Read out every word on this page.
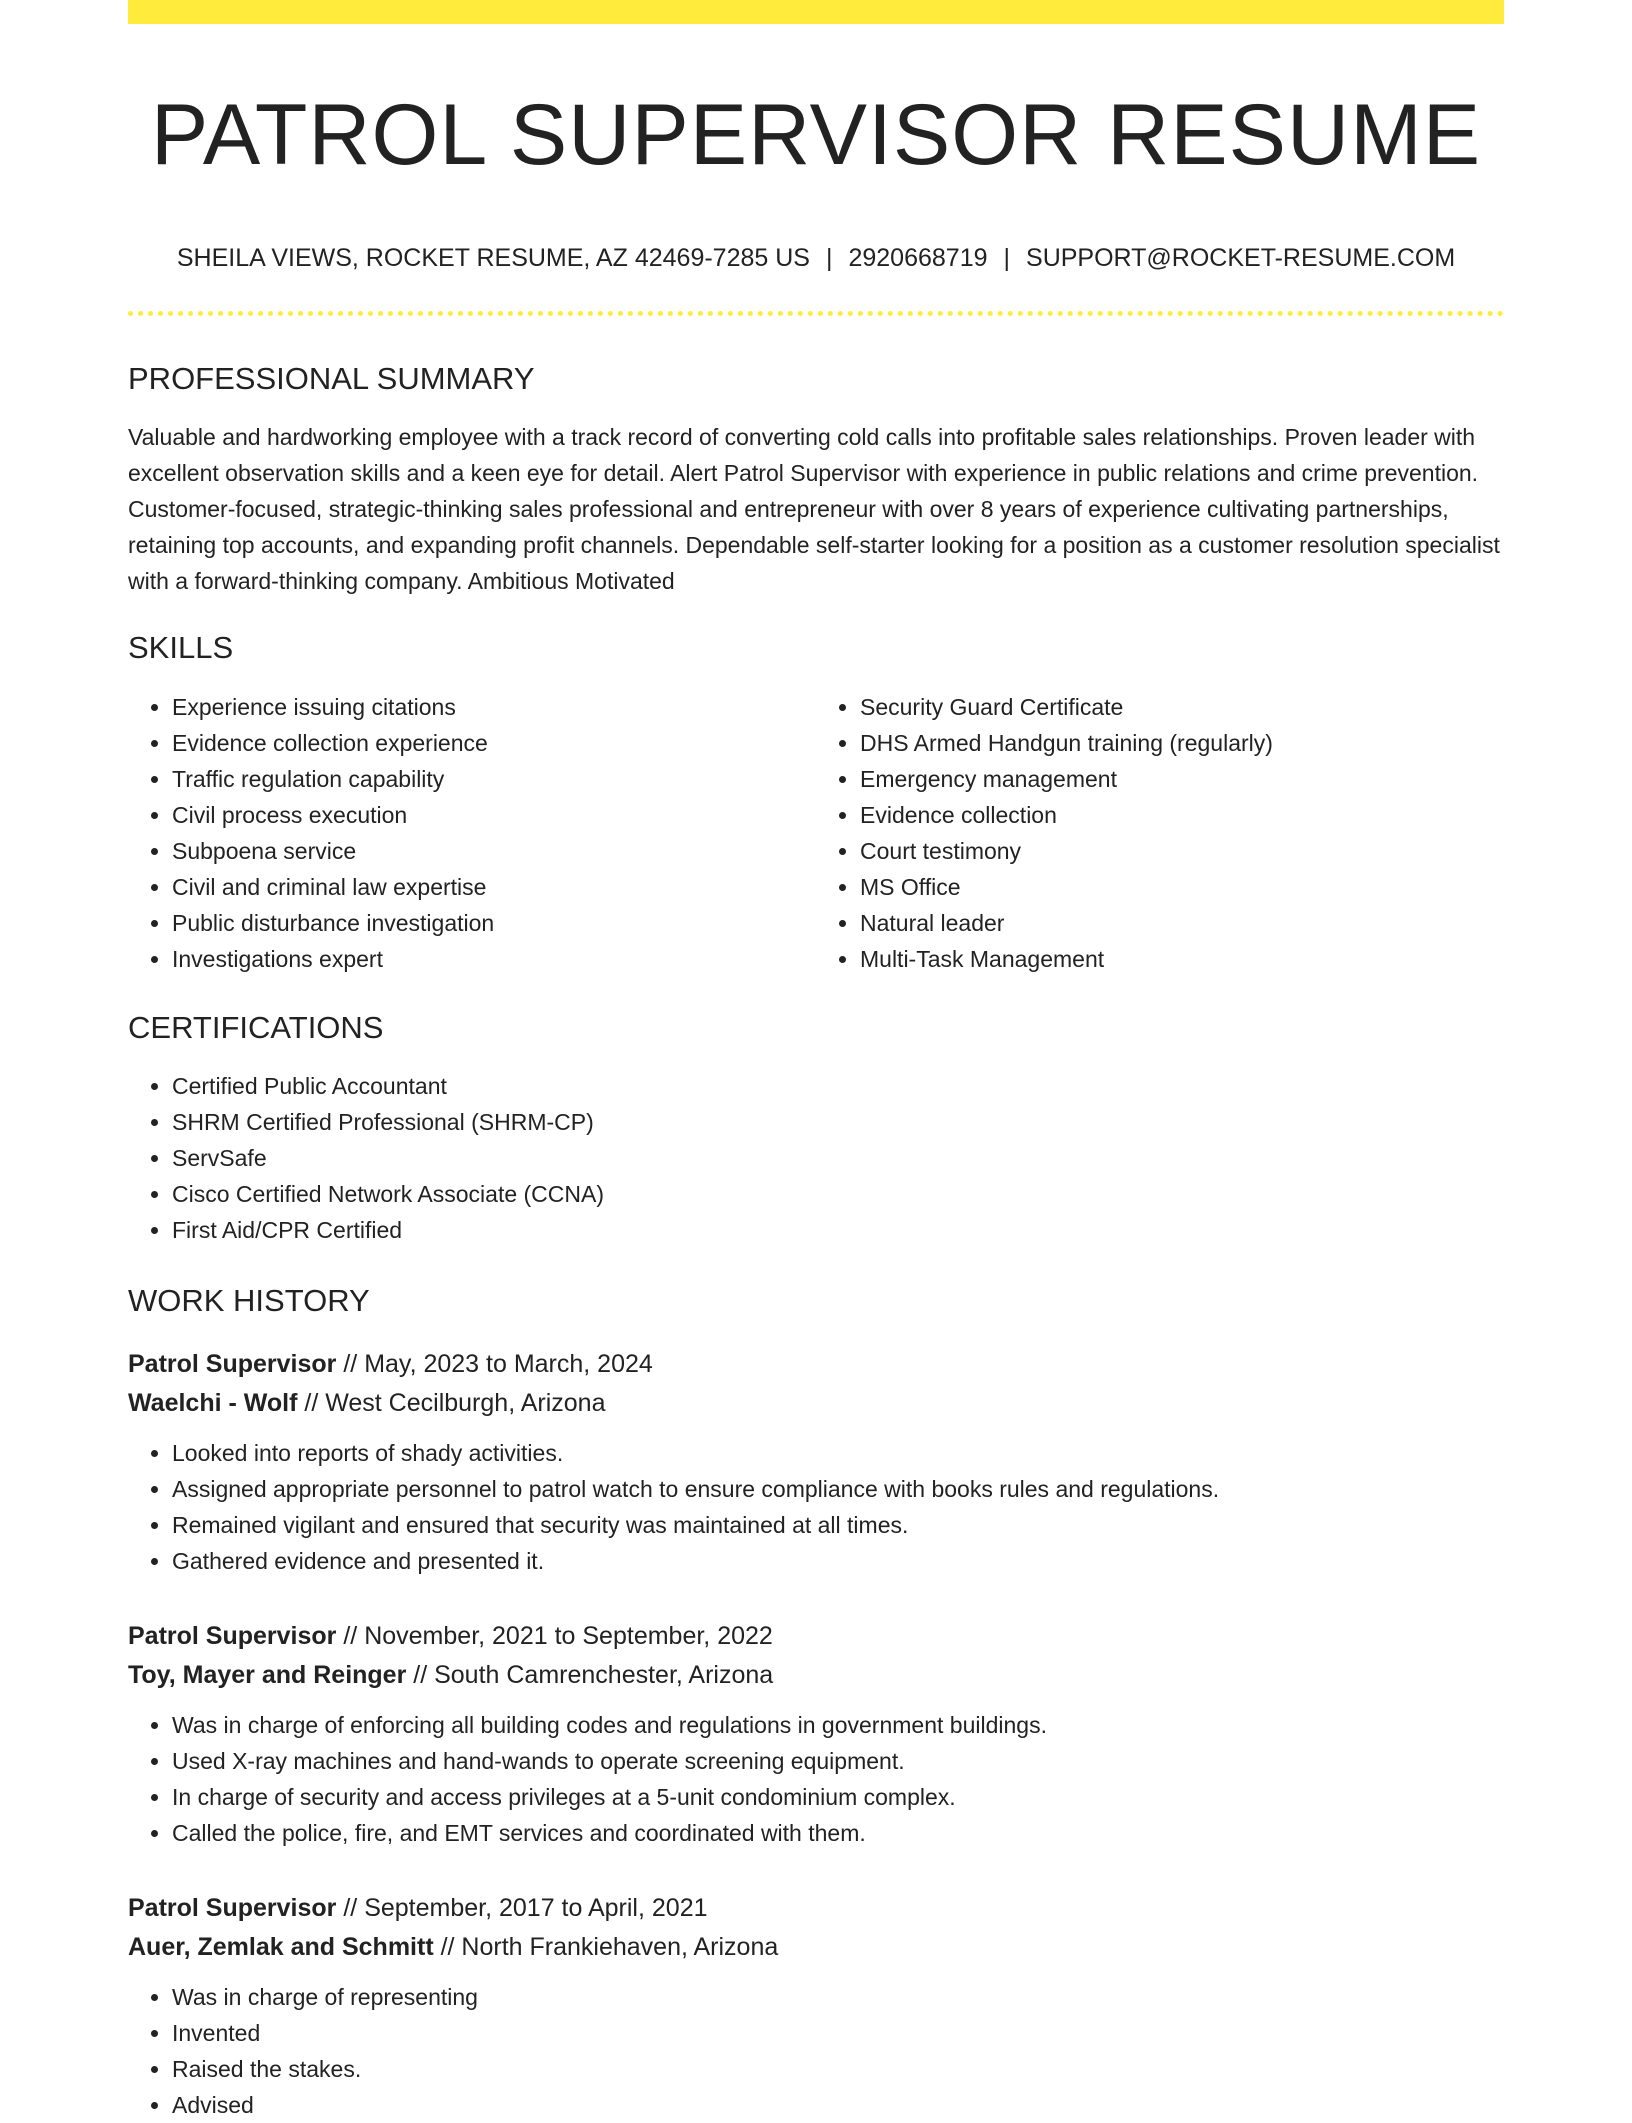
PATROL SUPERVISOR RESUME
SHEILA VIEWS, ROCKET RESUME, AZ 42469-7285 US | 2920668719 | SUPPORT@ROCKET-RESUME.COM
PROFESSIONAL SUMMARY

Valuable and hardworking employee with a track record of converting cold calls into profitable sales relationships. Proven leader with excellent observation skills and a keen eye for detail. Alert Patrol Supervisor with experience in public relations and crime prevention. Customer-focused, strategic-thinking sales professional and entrepreneur with over 8 years of experience cultivating partnerships, retaining top accounts, and expanding profit channels. Dependable self-starter looking for a position as a customer resolution specialist with a forward-thinking company. Ambitious Motivated

SKILLS
• Experience issuing citations
• Evidence collection experience
• Traffic regulation capability
• Civil process execution
• Subpoena service
• Civil and criminal law expertise
• Public disturbance investigation
• Investigations expert
• Security Guard Certificate
• DHS Armed Handgun training (regularly)
• Emergency management
• Evidence collection
• Court testimony
• MS Office
• Natural leader
• Multi-Task Management
CERTIFICATIONS
• Certified Public Accountant
• SHRM Certified Professional (SHRM-CP)
• ServSafe
• Cisco Certified Network Associate (CCNA)
• First Aid/CPR Certified
WORK HISTORY
Patrol Supervisor // May, 2023 to March, 2024
Waelchi - Wolf // West Cecilburgh, Arizona
• Looked into reports of shady activities.
• Assigned appropriate personnel to patrol watch to ensure compliance with books rules and regulations.
• Remained vigilant and ensured that security was maintained at all times.
• Gathered evidence and presented it.
Patrol Supervisor // November, 2021 to September, 2022
Toy, Mayer and Reinger // South Camrenchester, Arizona
• Was in charge of enforcing all building codes and regulations in government buildings.
• Used X-ray machines and hand-wands to operate screening equipment.
• In charge of security and access privileges at a 5-unit condominium complex.
• Called the police, fire, and EMT services and coordinated with them.
Patrol Supervisor // September, 2017 to April, 2021
Auer, Zemlak and Schmitt // North Frankiehaven, Arizona
• Was in charge of representing
• Invented
• Raised the stakes.
• Advised
